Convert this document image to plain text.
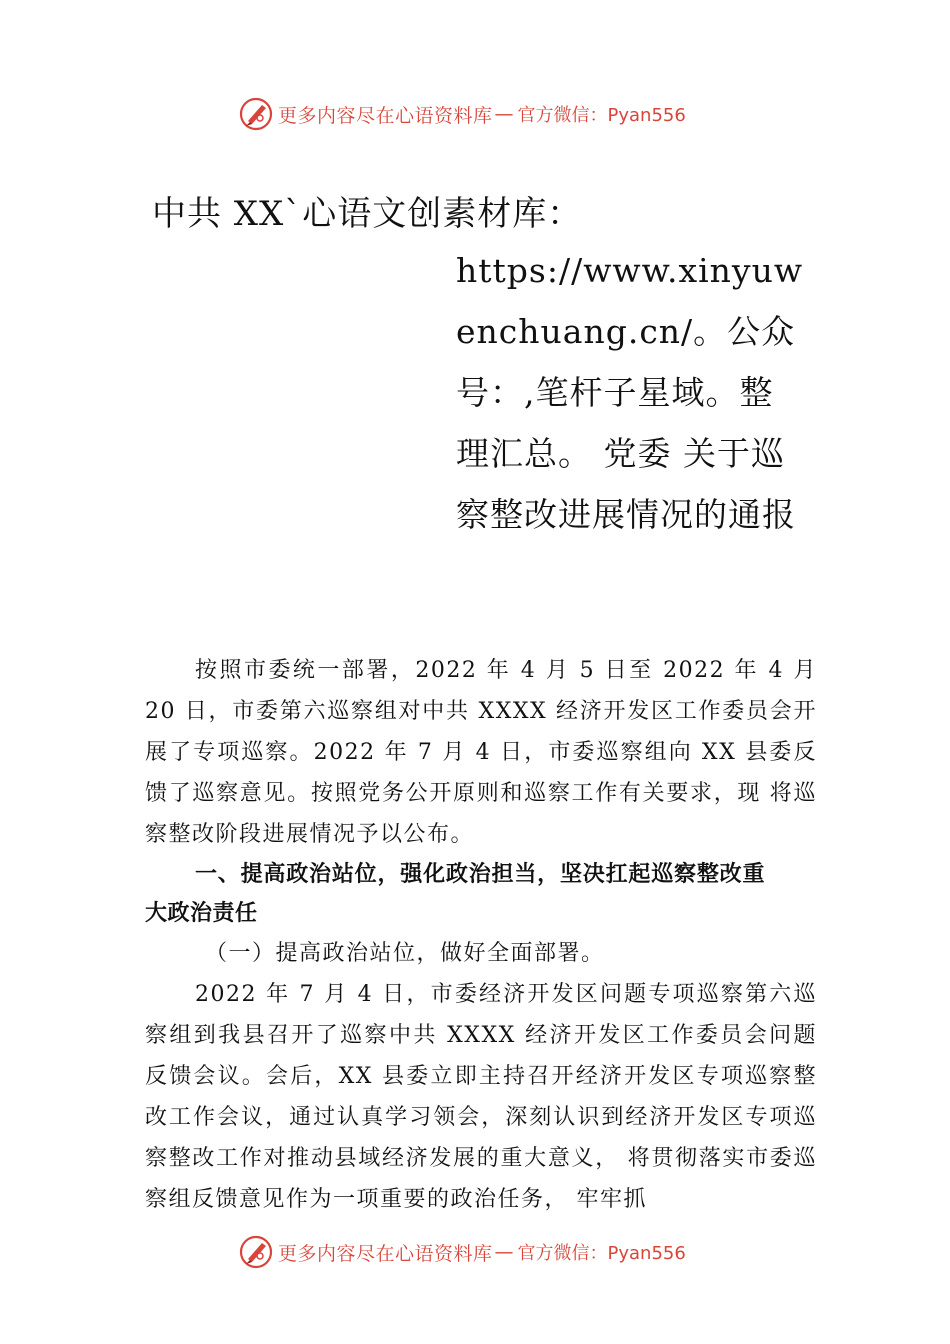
更多内容尽在心语资料库 — 官方微信：Pyan556
中共 XX`心语文创素材库：
https://www.xinyuwenchuang.cn/。公众号：,笔杆子星域。整理汇总。 党委 关于巡察整改进展情况的通报

按照市委统一部署，2022 年 4 月 5 日至 2022 年 4 月 20 日，市委第六巡察组对中共 XXXX 经济开发区工作委员会开展了专项巡察。2022 年 7 月 4 日，市委巡察组向 XX 县委反馈了巡察意见。按照党务公开原则和巡察工作有关要求，现 将巡察整改阶段进展情况予以公布。

一、提高政治站位，强化政治担当，坚决扛起巡察整改重大政治责任

（一）提高政治站位，做好全面部署。

2022 年 7 月 4 日，市委经济开发区问题专项巡察第六巡察组到我县召开了巡察中共 XXXX 经济开发区工作委员会问题反馈会议。会后，XX 县委立即主持召开经济开发区专项巡察整改工作会议，通过认真学习领会，深刻认识到经济开发区专项巡察整改工作对推动县域经济发展的重大意义， 将贯彻落实市委巡察组反馈意见作为一项重要的政治任务， 牢牢抓

更多内容尽在心语资料库 — 官方微信：Pyan556
